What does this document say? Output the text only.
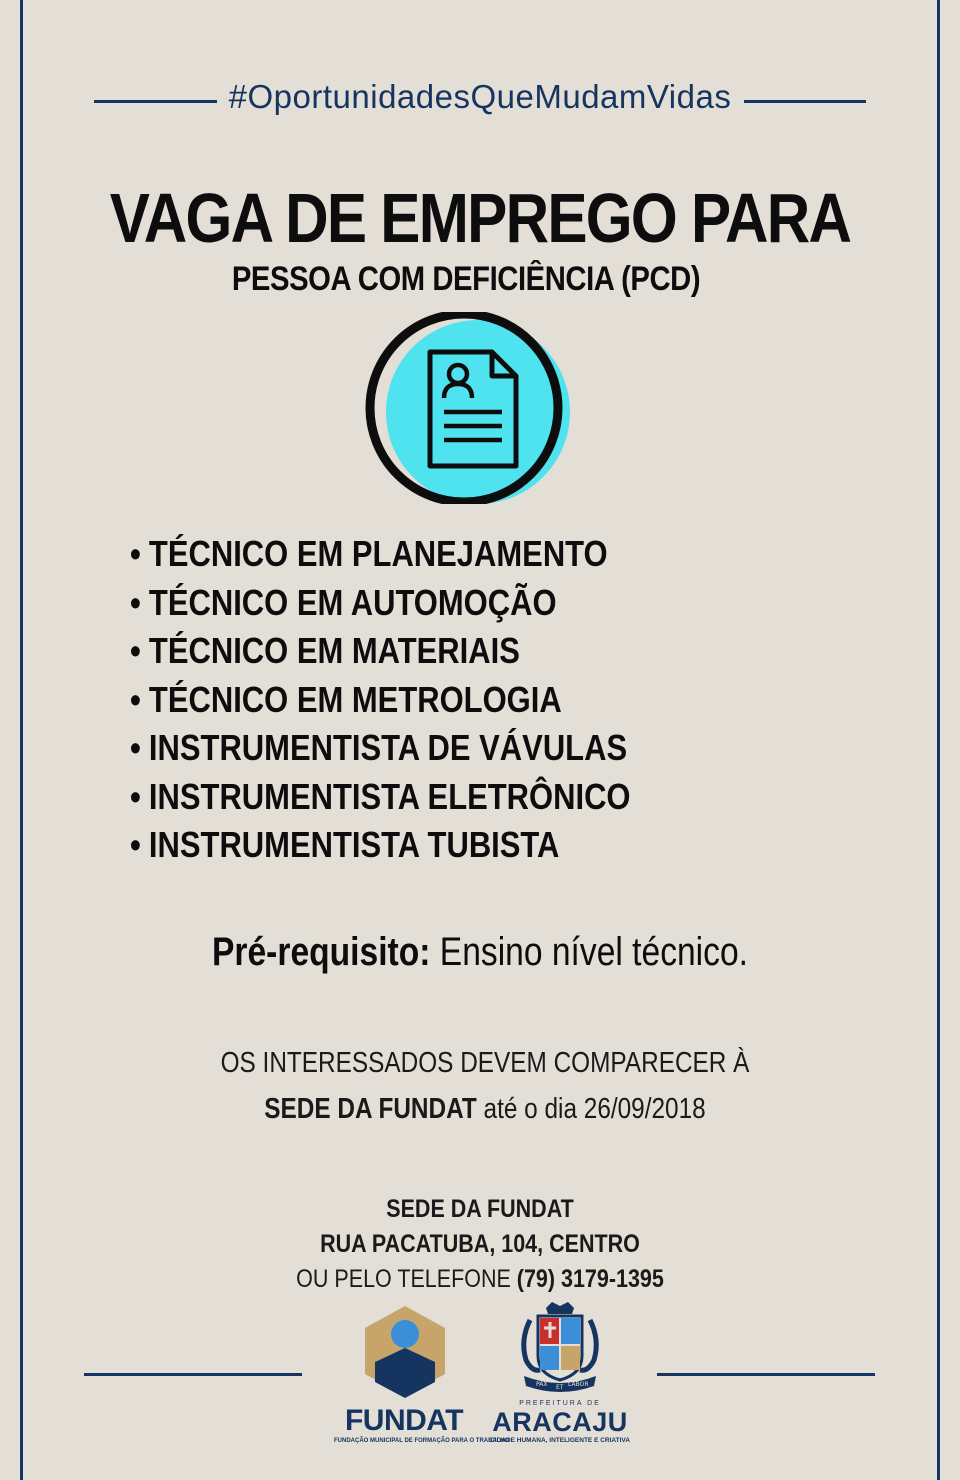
#OportunidadesQueMudamVidas
VAGA DE EMPREGO PARA
PESSOA COM DEFICIÊNCIA (PCD)
• TÉCNICO EM PLANEJAMENTO
• TÉCNICO EM AUTOMOÇÃO
• TÉCNICO EM MATERIAIS
• TÉCNICO EM METROLOGIA
• INSTRUMENTISTA DE VÁVULAS
• INSTRUMENTISTA ELETRÔNICO
• INSTRUMENTISTA TUBISTA
Pré-requisito: Ensino nível técnico.
OS INTERESSADOS DEVEM COMPARECER À
SEDE DA FUNDAT até o dia 26/09/2018
SEDE DA FUNDAT
RUA PACATUBA, 104, CENTRO
OU PELO TELEFONE (79) 3179-1395
FUNDAT
FUNDAÇÃO MUNICIPAL DE FORMAÇÃO PARA O TRABALHO
PAX ET LABOR
PREFEITURA DE
ARACAJU
CIDADE HUMANA, INTELIGENTE E CRIATIVA
